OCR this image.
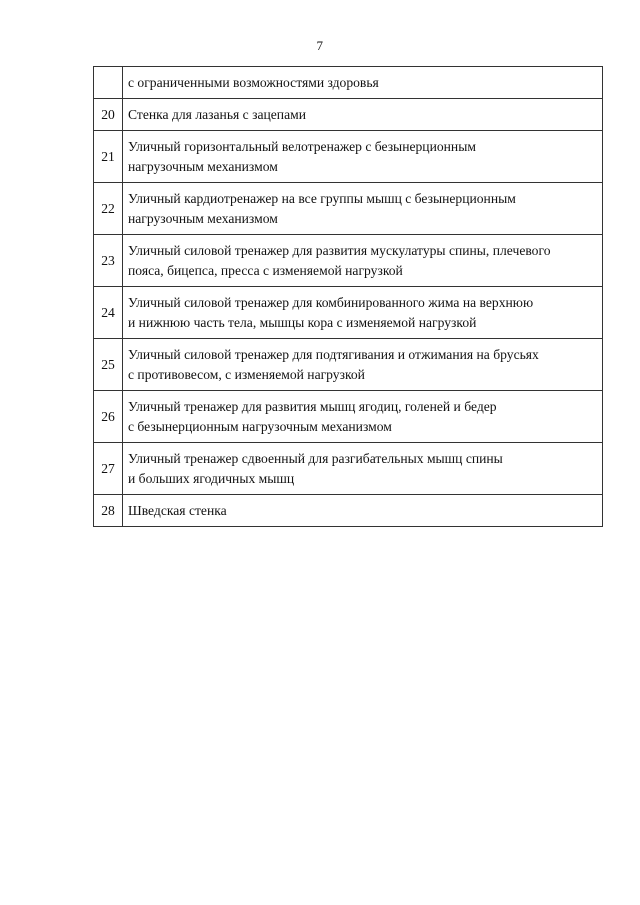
7

	с ограниченными возможностями здоровья

20	Стенка для лазанья с зацепами

21	Уличный горизонтальный велотренажер с безынерционным
нагрузочным механизмом

22	Уличный кардиотренажер на все группы мышц с безынерционным
нагрузочным механизмом

23	Уличный силовой тренажер для развития мускулатуры спины, плечевого
пояса, бицепса, пресса с изменяемой нагрузкой

24	Уличный силовой тренажер для комбинированного жима на верхнюю
и нижнюю часть тела, мышцы кора с изменяемой нагрузкой

25	Уличный силовой тренажер для подтягивания и отжимания на брусьях
с противовесом, с изменяемой нагрузкой

26	Уличный тренажер для развития мышц ягодиц, голеней и бедер
с безынерционным нагрузочным механизмом

27	Уличный тренажер сдвоенный для разгибательных мышц спины
и больших ягодичных мышц

28	Шведская стенка
